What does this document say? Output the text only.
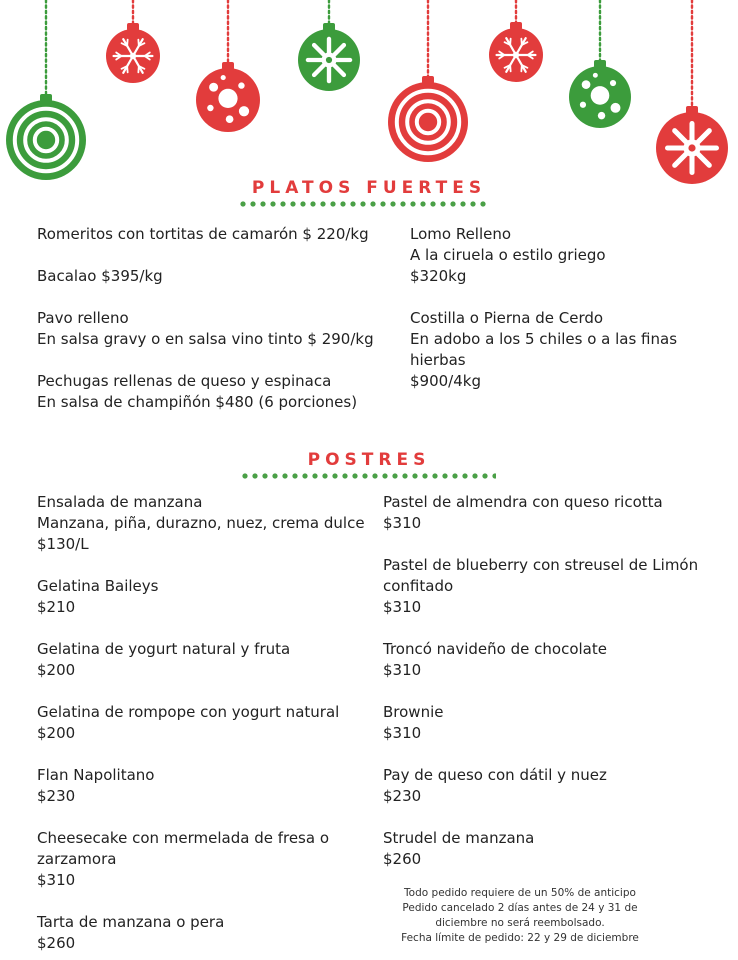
PLATOS FUERTES

Romeritos con tortitas de camarón $ 220/kg

Bacalao $395/kg

Pavo relleno
En salsa gravy o en salsa vino tinto $ 290/kg

Pechugas rellenas de queso y espinaca
En salsa de champiñón $480 (6 porciones)

Lomo Relleno
A la ciruela o estilo griego
$320kg

Costilla o Pierna de Cerdo
En adobo a los 5 chiles o a las finas
hierbas
$900/4kg

POSTRES

Ensalada de manzana
Manzana, piña, durazno, nuez, crema dulce
$130/L

Gelatina Baileys
$210

Gelatina de yogurt natural y fruta
$200

Gelatina de rompope con yogurt natural
$200

Flan Napolitano
$230

Cheesecake con mermelada de fresa o
zarzamora
$310

Tarta de manzana o pera
$260

Pastel de almendra con queso ricotta
$310

Pastel de blueberry con streusel de Limón
confitado
$310

Troncó navideño de chocolate
$310

Brownie
$310

Pay de queso con dátil y nuez
$230

Strudel de manzana
$260

Todo pedido requiere de un 50% de anticipo
Pedido cancelado 2 días antes de 24 y 31 de
diciembre no será reembolsado.
Fecha límite de pedido: 22 y 29 de diciembre
